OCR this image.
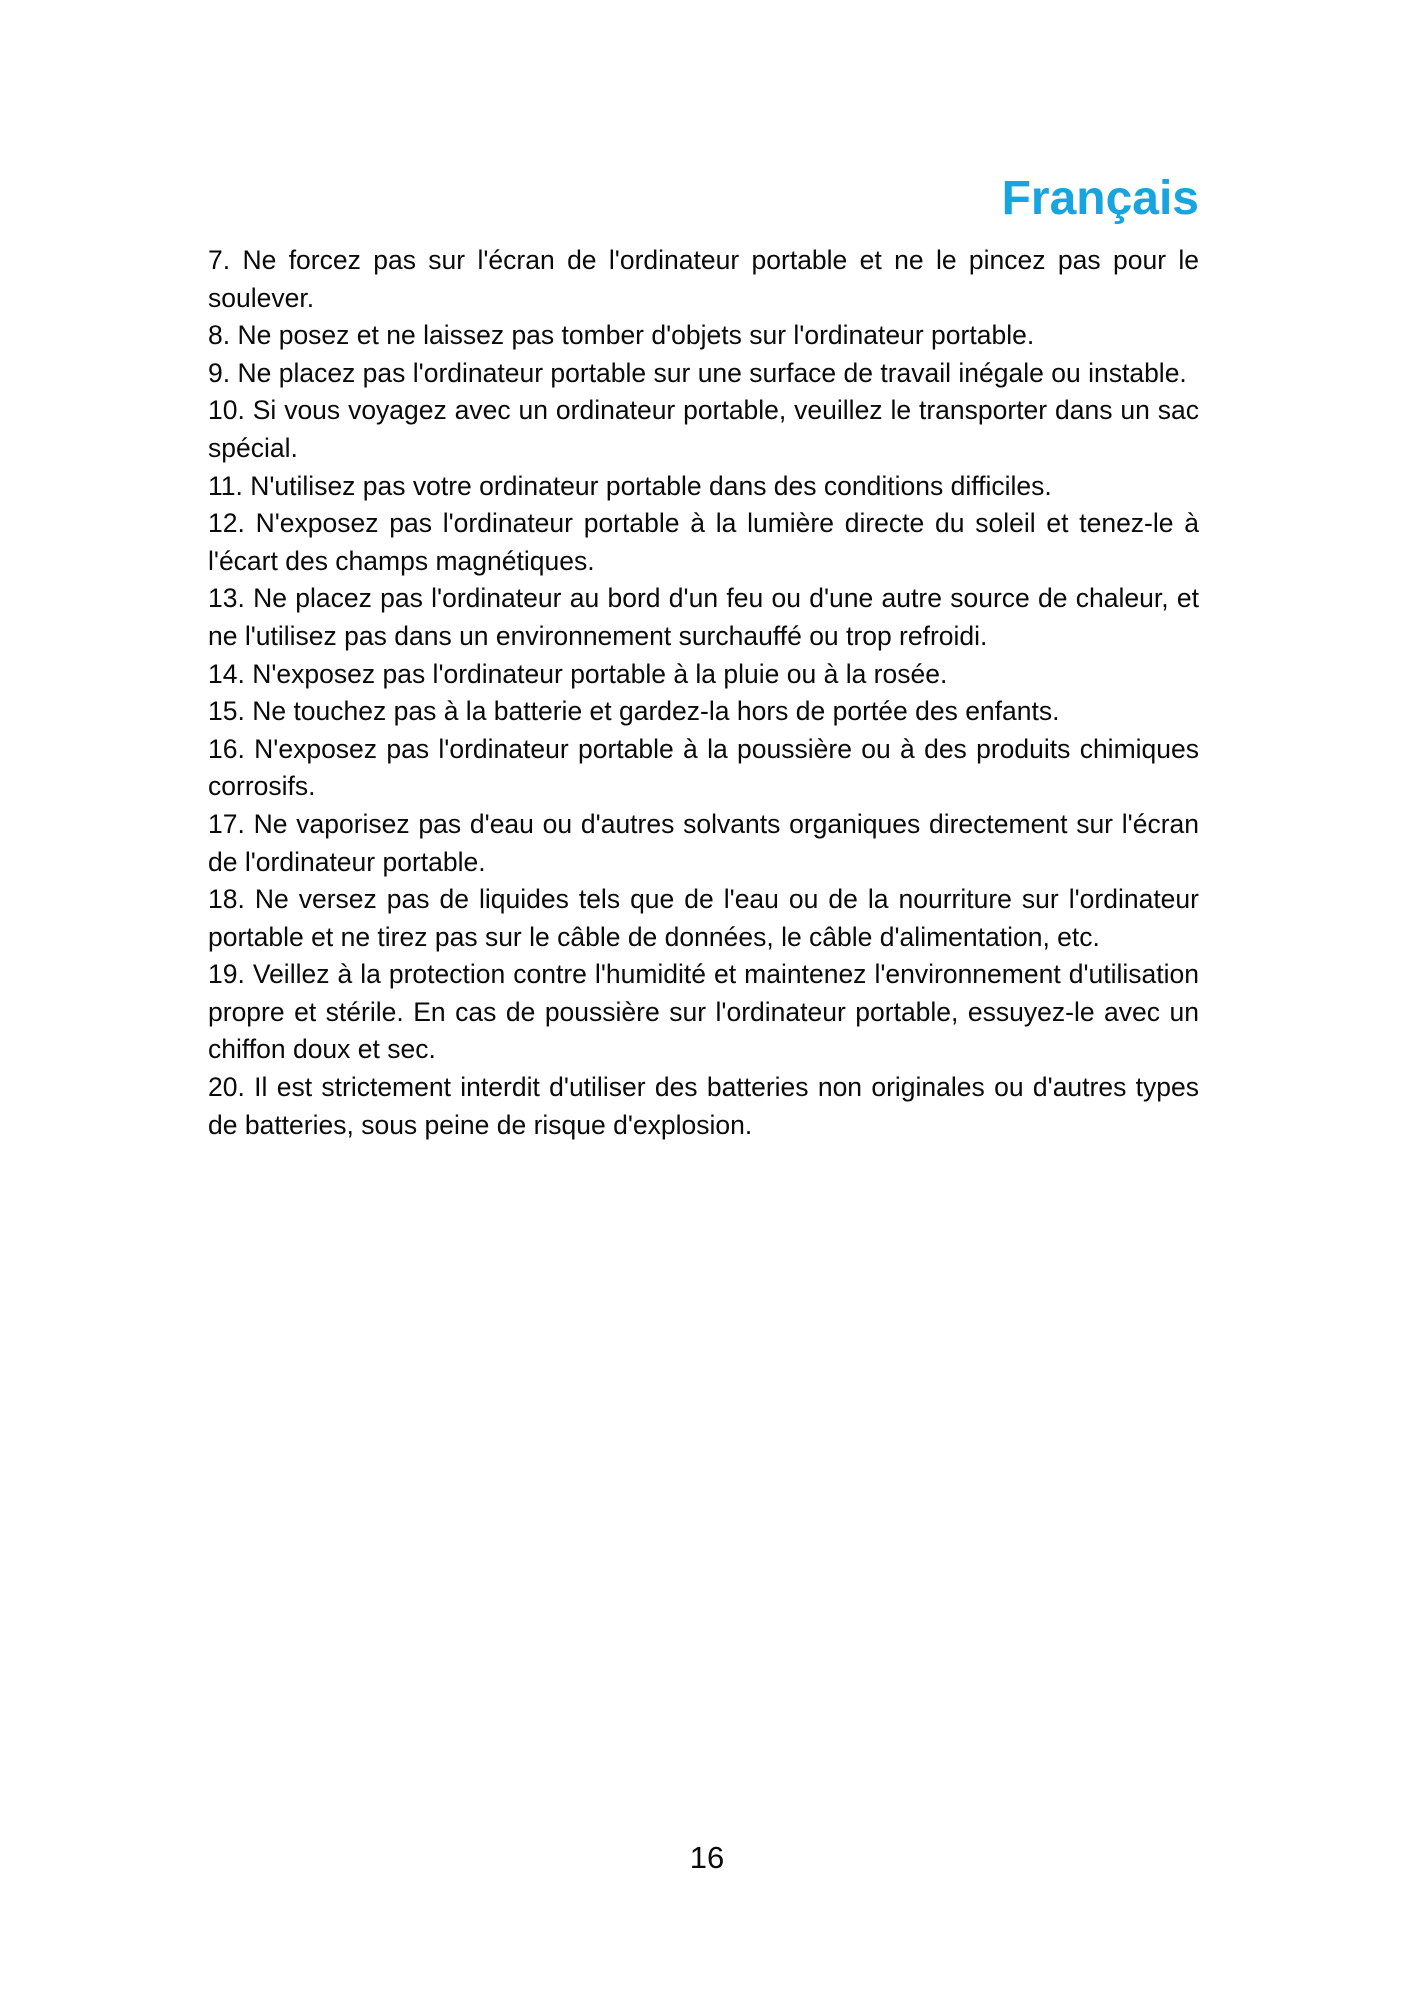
Français

7. Ne forcez pas sur l'écran de l'ordinateur portable et ne le pincez pas pour le soulever.

8. Ne posez et ne laissez pas tomber d'objets sur l'ordinateur portable.

9. Ne placez pas l'ordinateur portable sur une surface de travail inégale ou instable.

10. Si vous voyagez avec un ordinateur portable, veuillez le transporter dans un sac spécial.

11. N'utilisez pas votre ordinateur portable dans des conditions difficiles.

12. N'exposez pas l'ordinateur portable à la lumière directe du soleil et tenez-le à l'écart des champs magnétiques.

13. Ne placez pas l'ordinateur au bord d'un feu ou d'une autre source de chaleur, et ne l'utilisez pas dans un environnement surchauffé ou trop refroidi.

14. N'exposez pas l'ordinateur portable à la pluie ou à la rosée.

15. Ne touchez pas à la batterie et gardez-la hors de portée des enfants.

16. N'exposez pas l'ordinateur portable à la poussière ou à des produits chimiques corrosifs.

17. Ne vaporisez pas d'eau ou d'autres solvants organiques directement sur l'écran de l'ordinateur portable.

18. Ne versez pas de liquides tels que de l'eau ou de la nourriture sur l'ordinateur portable et ne tirez pas sur le câble de données, le câble d'alimentation, etc.

19. Veillez à la protection contre l'humidité et maintenez l'environnement d'utilisation propre et stérile. En cas de poussière sur l'ordinateur portable, essuyez-le avec un chiffon doux et sec.

20. Il est strictement interdit d'utiliser des batteries non originales ou d'autres types de batteries, sous peine de risque d'explosion.

16
